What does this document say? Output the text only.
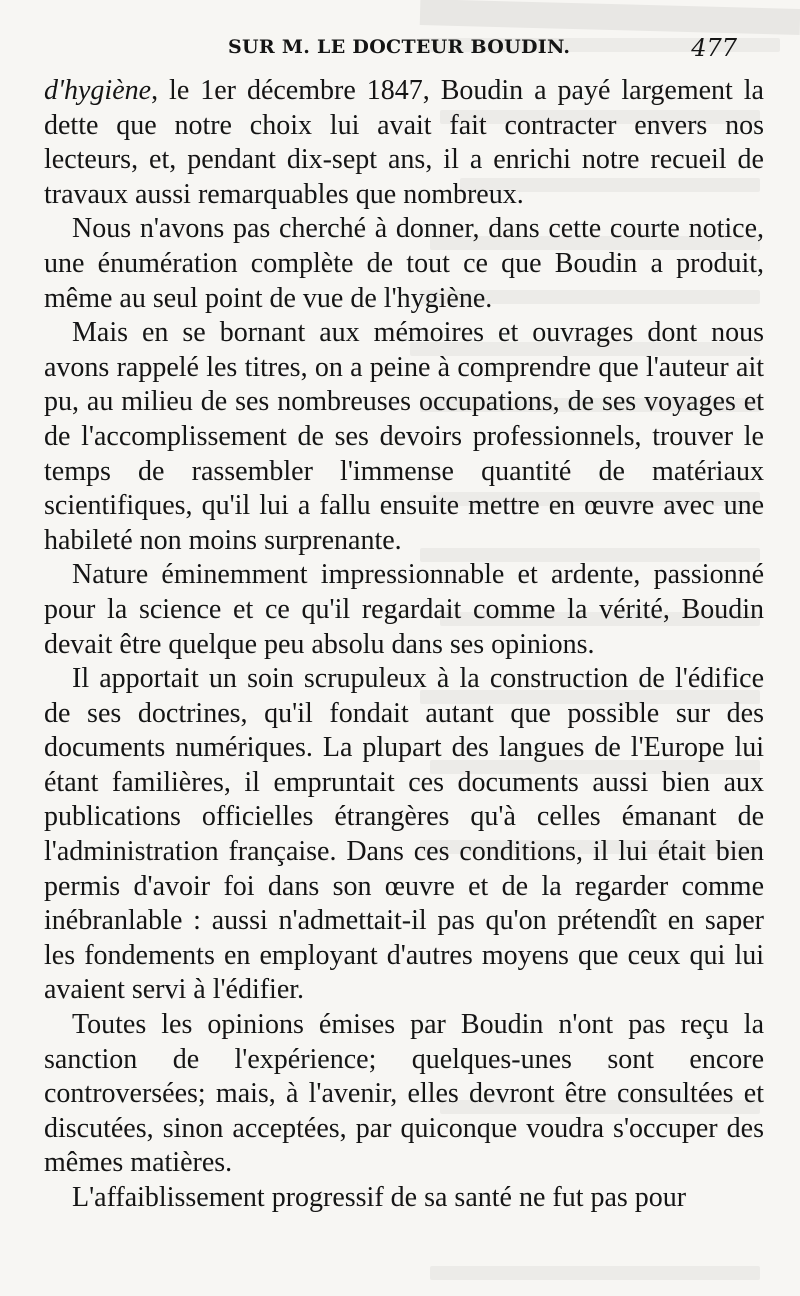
SUR M. LE DOCTEUR BOUDIN.	477

d'hygiène, le 1er décembre 1847, Boudin a payé largement la dette que notre choix lui avait fait contracter envers nos lecteurs, et, pendant dix-sept ans, il a enrichi notre recueil de travaux aussi remarquables que nombreux.

Nous n'avons pas cherché à donner, dans cette courte notice, une énumération complète de tout ce que Boudin a produit, même au seul point de vue de l'hygiène.

Mais en se bornant aux mémoires et ouvrages dont nous avons rappelé les titres, on a peine à comprendre que l'auteur ait pu, au milieu de ses nombreuses occupations, de ses voyages et de l'accomplissement de ses devoirs professionnels, trouver le temps de rassembler l'immense quantité de matériaux scientifiques, qu'il lui a fallu ensuite mettre en œuvre avec une habileté non moins surprenante.

Nature éminemment impressionnable et ardente, passionné pour la science et ce qu'il regardait comme la vérité, Boudin devait être quelque peu absolu dans ses opinions.

Il apportait un soin scrupuleux à la construction de l'édifice de ses doctrines, qu'il fondait autant que possible sur des documents numériques. La plupart des langues de l'Europe lui étant familières, il empruntait ces documents aussi bien aux publications officielles étrangères qu'à celles émanant de l'administration française. Dans ces conditions, il lui était bien permis d'avoir foi dans son œuvre et de la regarder comme inébranlable : aussi n'admettait-il pas qu'on prétendît en saper les fondements en employant d'autres moyens que ceux qui lui avaient servi à l'édifier.

Toutes les opinions émises par Boudin n'ont pas reçu la sanction de l'expérience; quelques-unes sont encore controversées; mais, à l'avenir, elles devront être consultées et discutées, sinon acceptées, par quiconque voudra s'occuper des mêmes matières.

L'affaiblissement progressif de sa santé ne fut pas pour
